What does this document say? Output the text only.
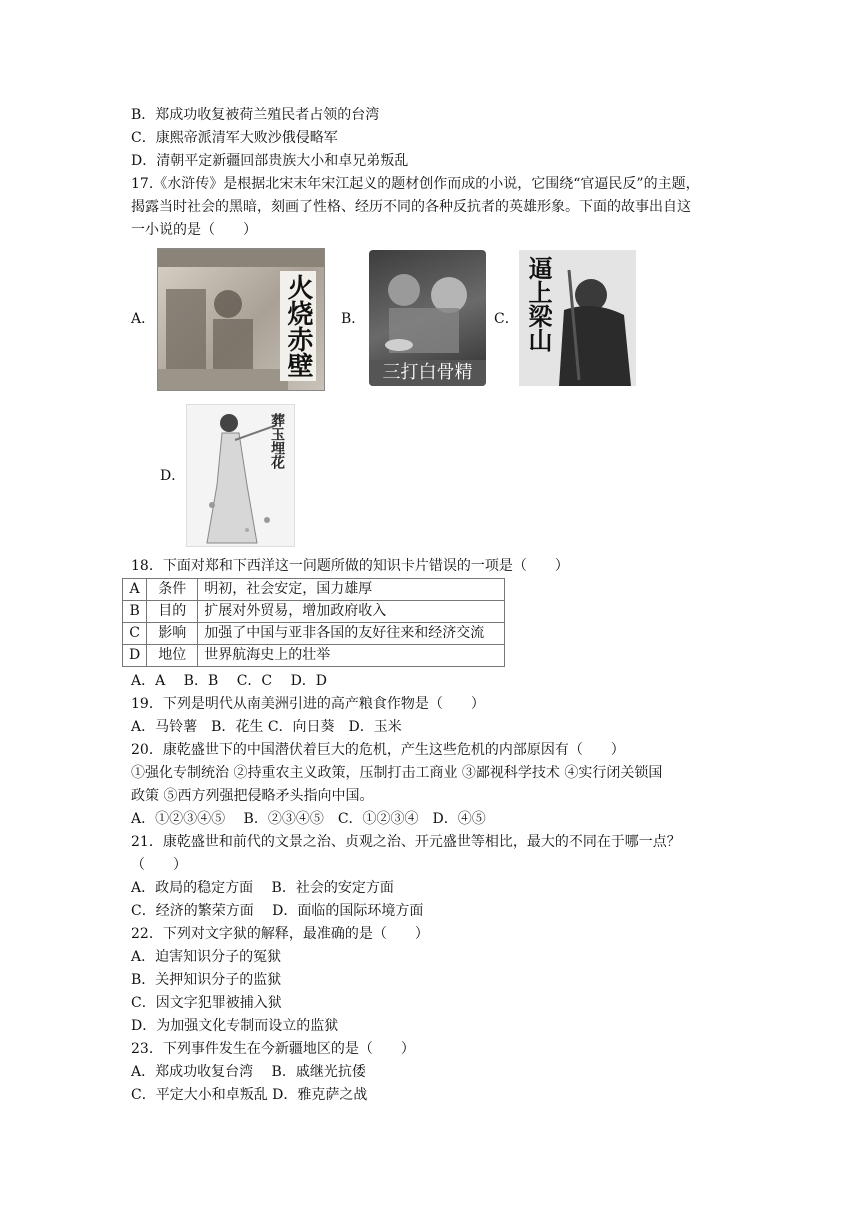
B．郑成功收复被荷兰殖民者占领的台湾
C．康熙帝派清军大败沙俄侵略军
D．清朝平定新疆回部贵族大小和卓兄弟叛乱
17.《水浒传》是根据北宋末年宋江起义的题材创作而成的小说，它围绕“官逼民反”的主题，
揭露当时社会的黑暗，刻画了性格、经历不同的各种反抗者的英雄形象。下面的故事出自这
一小说的是（　　）
A．	火烧赤壁 B．
三打白骨精
C． 逼上梁山
D．
葬玉埋花
18．下面对郑和下西洋这一问题所做的知识卡片错误的一项是（　　）
A	条件	明初，社会安定，国力雄厚
B	目的	扩展对外贸易，增加政府收入
C	影响	加强了中国与亚非各国的友好往来和经济交流
D	地位	世界航海史上的壮举
A．A　 B．B　 C．C　 D．D
19．下列是明代从南美洲引进的高产粮食作物是（　　）
A．马铃薯　B．花生 C．向日葵　D．玉米
20．康乾盛世下的中国潜伏着巨大的危机，产生这些危机的内部原因有（　　）
①强化专制统治 ②持重农主义政策，压制打击工商业 ③鄙视科学技术 ④实行闭关锁国
政策 ⑤西方列强把侵略矛头指向中国。
A．①②③④⑤　 B．②③④⑤　C．①②③④　D．④⑤
21．康乾盛世和前代的文景之治、贞观之治、开元盛世等相比，最大的不同在于哪一点？
（　　）
A．政局的稳定方面　 B．社会的安定方面
C．经济的繁荣方面　 D．面临的国际环境方面
22．下列对文字狱的解释，最准确的是（　　）
A．迫害知识分子的冤狱
B．关押知识分子的监狱
C．因文字犯罪被捕入狱
D．为加强文化专制而设立的监狱
23．下列事件发生在今新疆地区的是（　　）
A．郑成功收复台湾　 B．戚继光抗倭
C．平定大小和卓叛乱 D．雅克萨之战
